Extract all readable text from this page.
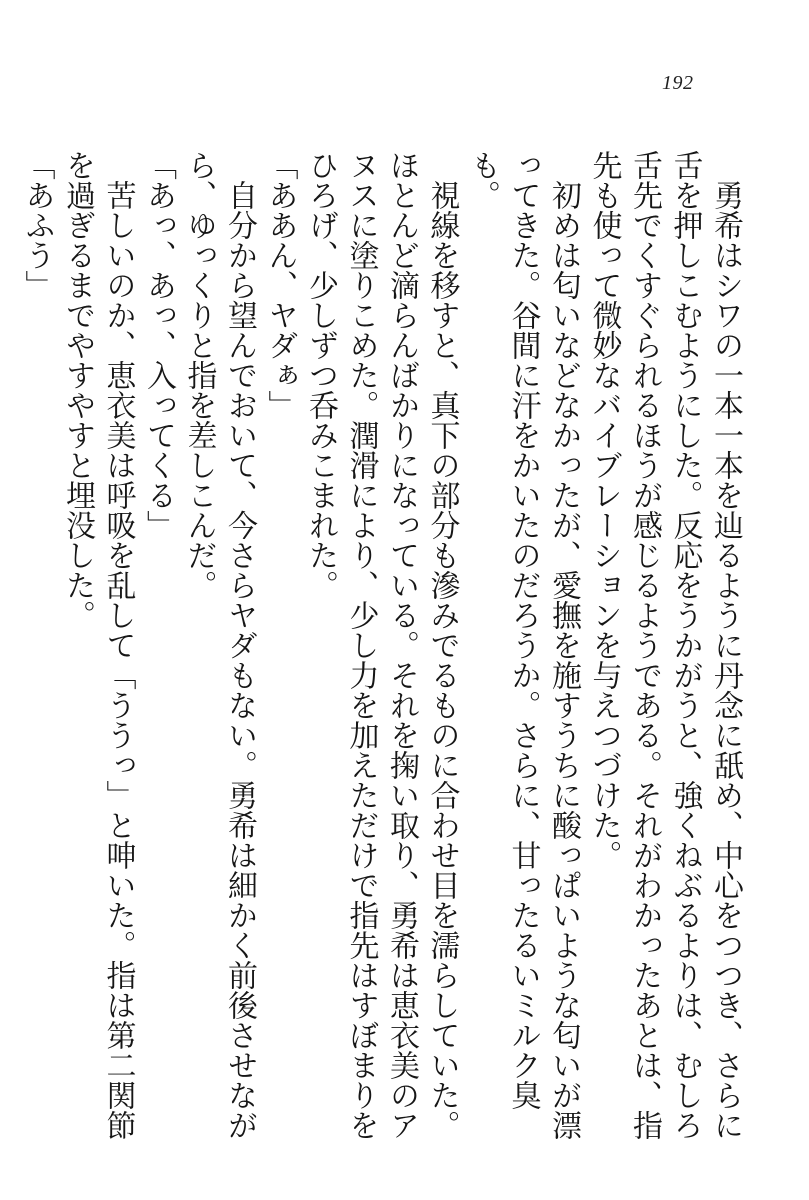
192

勇希はシワの一本一本を辿るように丹念に舐め、中心をつつき、さらに舌を押しこむようにした。反応をうかがうと、強くねぶるよりは、むしろ舌先でくすぐられるほうが感じるようである。それがわかったあとは、指先も使って微妙なバイブレーションを与えつづけた。

初めは匂いなどなかったが、愛撫を施すうちに酸っぱいような匂いが漂ってきた。谷間に汗をかいたのだろうか。さらに、甘ったるいミルク臭も。

視線を移すと、真下の部分も滲みでるものに合わせ目を濡らしていた。ほとんど滴らんばかりになっている。それを掬い取り、勇希は恵衣美のアヌスに塗りこめた。潤滑により、少し力を加えただけで指先はすぼまりをひろげ、少しずつ呑みこまれた。

「ああん、ヤダぁ」

自分から望んでおいて、今さらヤダもない。勇希は細かく前後させながら、ゆっくりと指を差しこんだ。

「あっ、あっ、入ってくる」

苦しいのか、恵衣美は呼吸を乱して「ううっ」と呻いた。指は第二関節を過ぎるまでやすやすと埋没した。

「あふう」
